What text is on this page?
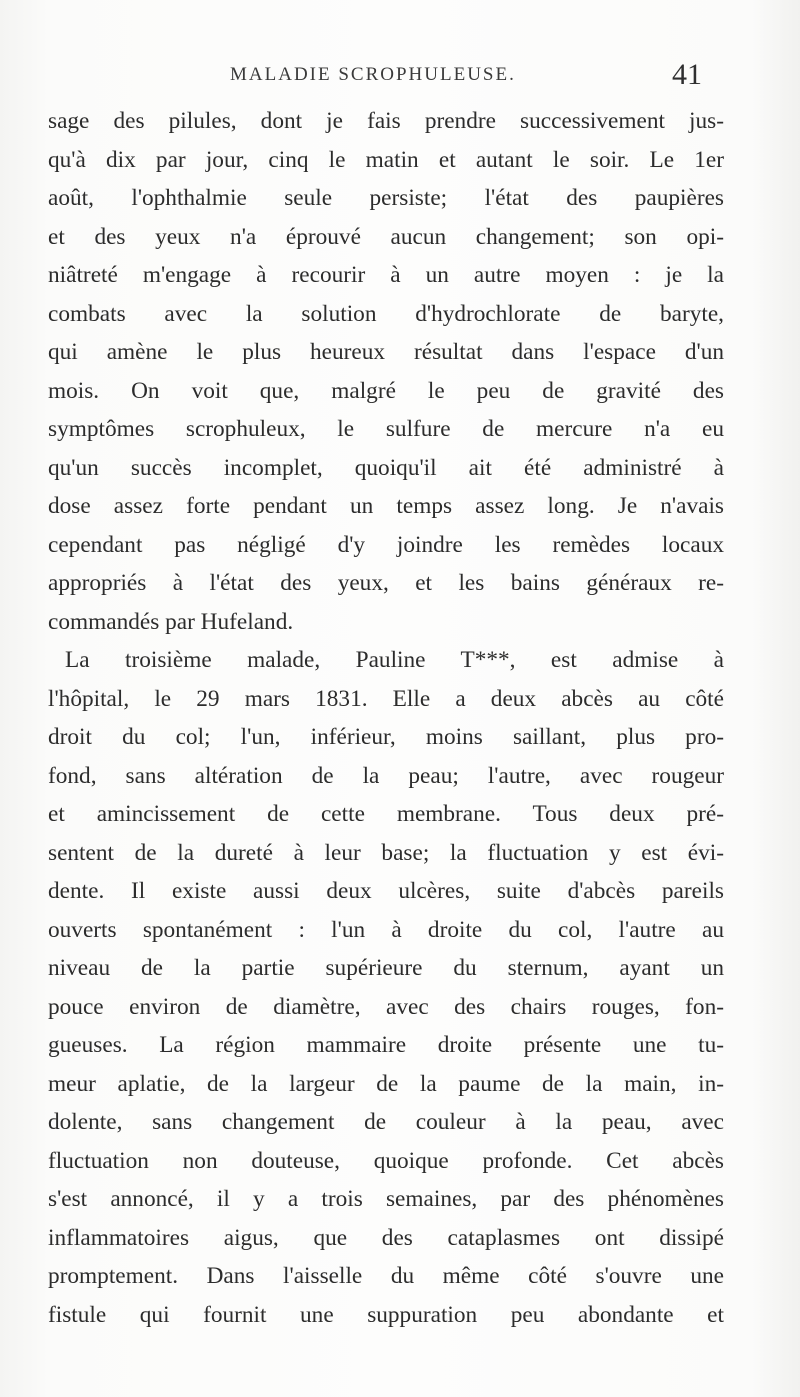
MALADIE SCROPHULEUSE.	41
sage des pilules, dont je fais prendre successivement jus-
qu'à dix par jour, cinq le matin et autant le soir. Le 1er
août, l'ophthalmie seule persiste; l'état des paupières
et des yeux n'a éprouvé aucun changement; son opi-
niâtreté m'engage à recourir à un autre moyen : je la
combats avec la solution d'hydrochlorate de baryte,
qui amène le plus heureux résultat dans l'espace d'un
mois. On voit que, malgré le peu de gravité des
symptômes scrophuleux, le sulfure de mercure n'a eu
qu'un succès incomplet, quoiqu'il ait été administré à
dose assez forte pendant un temps assez long. Je n'avais
cependant pas négligé d'y joindre les remèdes locaux
appropriés à l'état des yeux, et les bains généraux re-
commandés par Hufeland.
La troisième malade, Pauline T***, est admise à
l'hôpital, le 29 mars 1831. Elle a deux abcès au côté
droit du col; l'un, inférieur, moins saillant, plus pro-
fond, sans altération de la peau; l'autre, avec rougeur
et amincissement de cette membrane. Tous deux pré-
sentent de la dureté à leur base; la fluctuation y est évi-
dente. Il existe aussi deux ulcères, suite d'abcès pareils
ouverts spontanément : l'un à droite du col, l'autre au
niveau de la partie supérieure du sternum, ayant un
pouce environ de diamètre, avec des chairs rouges, fon-
gueuses. La région mammaire droite présente une tu-
meur aplatie, de la largeur de la paume de la main, in-
dolente, sans changement de couleur à la peau, avec
fluctuation non douteuse, quoique profonde. Cet abcès
s'est annoncé, il y a trois semaines, par des phénomènes
inflammatoires aigus, que des cataplasmes ont dissipé
promptement. Dans l'aisselle du même côté s'ouvre une
fistule qui fournit une suppuration peu abondante et
